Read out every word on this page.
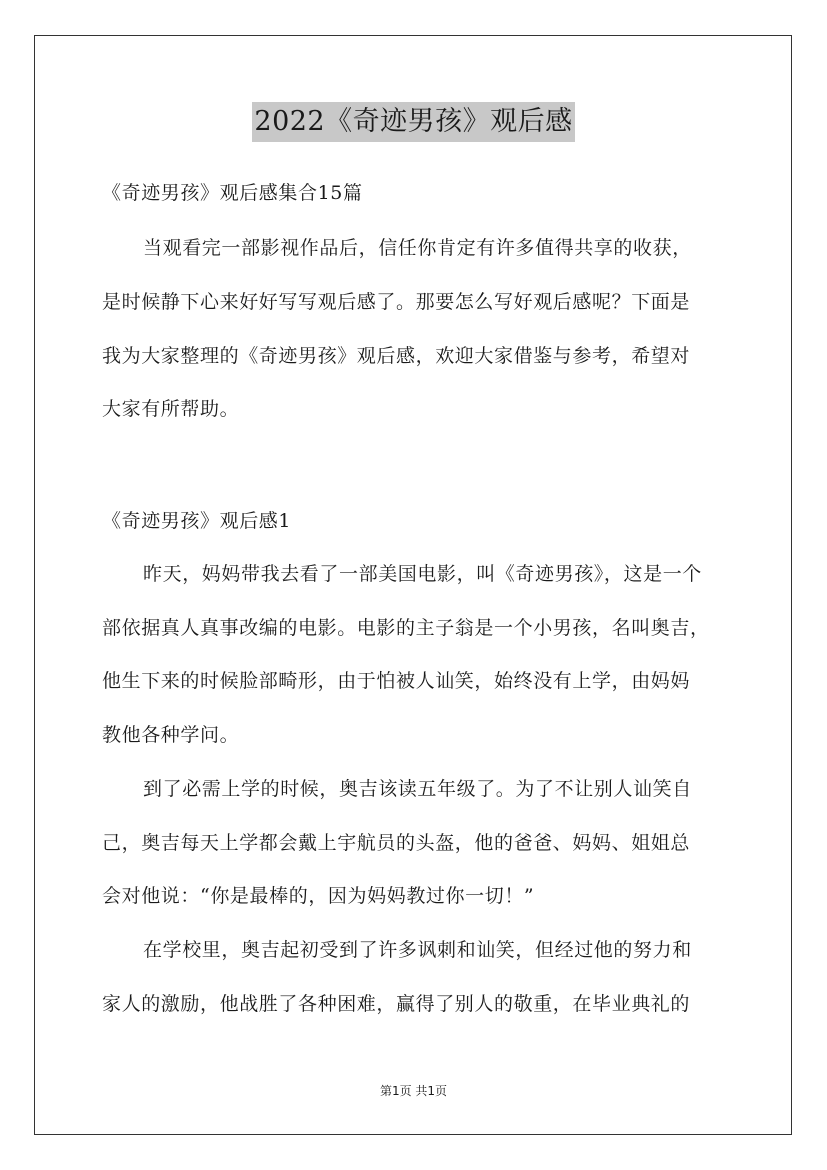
2022《奇迹男孩》观后感
《奇迹男孩》观后感集合15篇
当观看完一部影视作品后，信任你肯定有许多值得共享的收获，
是时候静下心来好好写写观后感了。那要怎么写好观后感呢？下面是
我为大家整理的《奇迹男孩》观后感，欢迎大家借鉴与参考，希望对
大家有所帮助。
《奇迹男孩》观后感1
昨天，妈妈带我去看了一部美国电影，叫《奇迹男孩》，这是一个
部依据真人真事改编的电影。电影的主子翁是一个小男孩，名叫奥吉，
他生下来的时候脸部畸形，由于怕被人讪笑，始终没有上学，由妈妈
教他各种学问。
到了必需上学的时候，奥吉该读五年级了。为了不让别人讪笑自
己，奥吉每天上学都会戴上宇航员的头盔，他的爸爸、妈妈、姐姐总
会对他说：“你是最棒的，因为妈妈教过你一切！”
在学校里，奥吉起初受到了许多讽刺和讪笑，但经过他的努力和
家人的激励，他战胜了各种困难，赢得了别人的敬重，在毕业典礼的
第1页 共1页
